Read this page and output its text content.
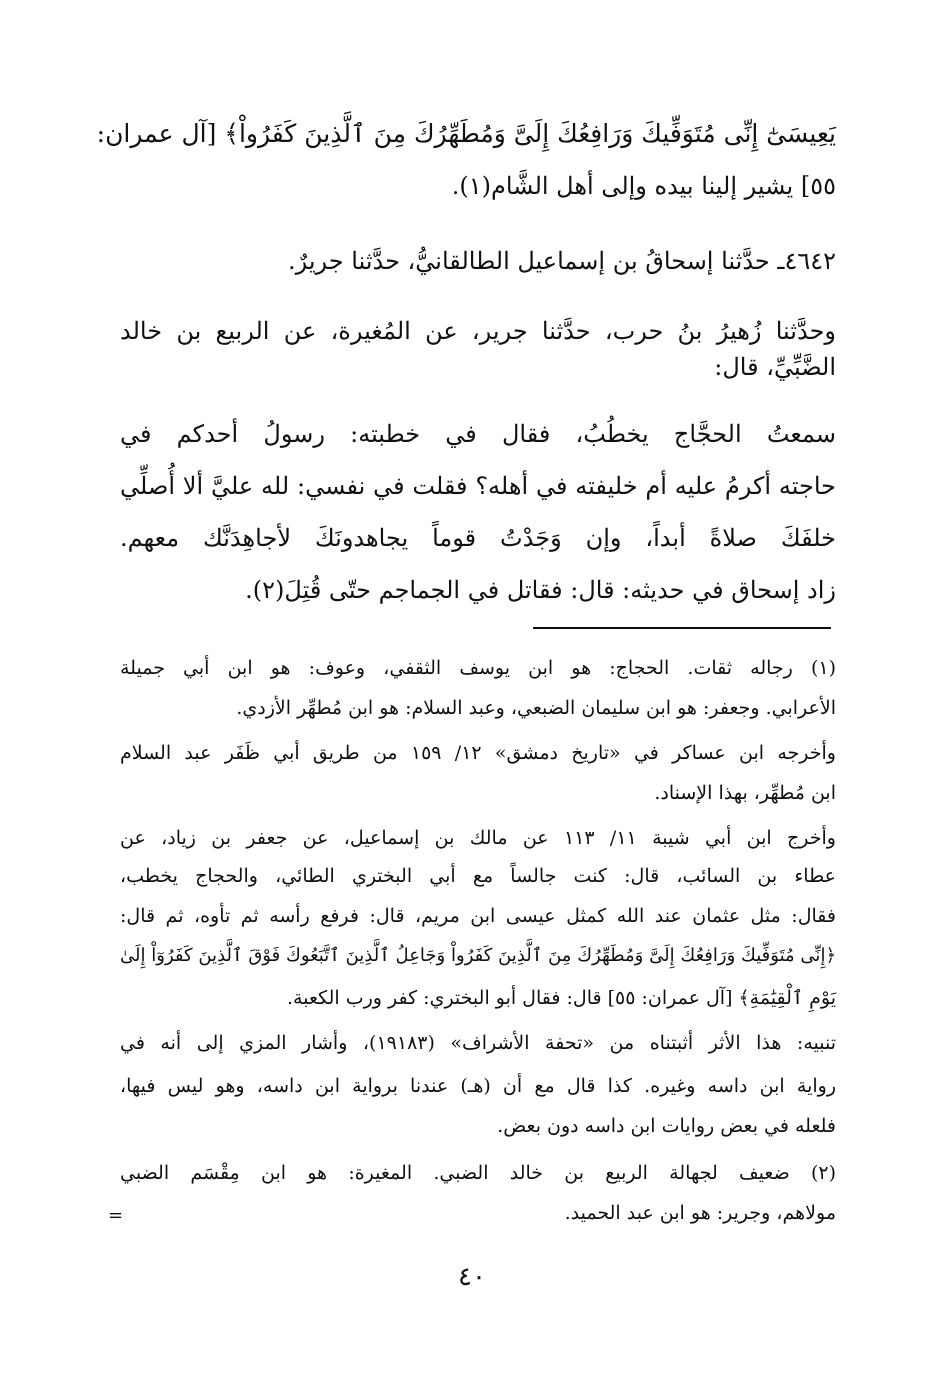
يَعِيسَىٰٓ إِنِّى مُتَوَفِّيكَ وَرَافِعُكَ إِلَىَّ وَمُطَهِّرُكَ مِنَ ٱلَّذِينَ كَفَرُواْ﴾ [آل عمران:
٥٥] يشير إلينا بيده وإلى أهل الشَّام(١).
٤٦٤٢ـ حدَّثنا إسحاقُ بن إسماعيل الطالقانيُّ، حدَّثنا جريرٌ.
وحدَّثنا زُهيرُ بنُ حرب، حدَّثنا جرير، عن المُغيرة، عن الربيع بن خالد
الضَّبِّيِّ، قال:
سمعتُ الحجَّاج يخطُبُ، فقال في خطبته: رسولُ أحدكم في
حاجته أكرمُ عليه أم خليفته في أهله؟ فقلت في نفسي: لله عليَّ ألا أُصلِّي
خلفَكَ صلاةً أبداً، وإن وَجَدْتُ قوماً يجاهدونَكَ لأجاهِدَنَّك معهم.
زاد إسحاق في حديثه: قال: فقاتل في الجماجم حتّى قُتِلَ(٢).
(١) رجاله ثقات. الحجاج: هو ابن يوسف الثقفي، وعوف: هو ابن أبي جميلة
الأعرابي. وجعفر: هو ابن سليمان الضبعي، وعبد السلام: هو ابن مُطهِّر الأزدي.
وأخرجه ابن عساكر في «تاريخ دمشق» ١٢/ ١٥٩ من طريق أبي ظَفَر عبد السلام
ابن مُطهِّر، بهذا الإسناد.
وأخرج ابن أبي شيبة ١١/ ١١٣ عن مالك بن إسماعيل، عن جعفر بن زياد، عن
عطاء بن السائب، قال: كنت جالساً مع أبي البختري الطائي، والحجاج يخطب،
فقال: مثل عثمان عند الله كمثل عيسى ابن مريم، قال: فرفع رأسه ثم تأوه، ثم قال:
﴿إِنِّى مُتَوَفِّيكَ وَرَافِعُكَ إِلَىَّ وَمُطَهِّرُكَ مِنَ ٱلَّذِينَ كَفَرُواْ وَجَاعِلُ ٱلَّذِينَ ٱتَّبَعُوكَ فَوْقَ ٱلَّذِينَ كَفَرُوٓاْ إِلَىٰ
يَوْمِ ٱلْقِيَٰمَةِ﴾ [آل عمران: ٥٥] قال: فقال أبو البختري: كفر ورب الكعبة.
تنبيه: هذا الأثر أثبتناه من «تحفة الأشراف» (١٩١٨٣)، وأشار المزي إلى أنه في
رواية ابن داسه وغيره. كذا قال مع أن (هـ) عندنا برواية ابن داسه، وهو ليس فيها،
فلعله في بعض روايات ابن داسه دون بعض.
(٢) ضعيف لجهالة الربيع بن خالد الضبي. المغيرة: هو ابن مِقْسَم الضبي
مولاهم، وجرير: هو ابن عبد الحميد.
=
٤٠
